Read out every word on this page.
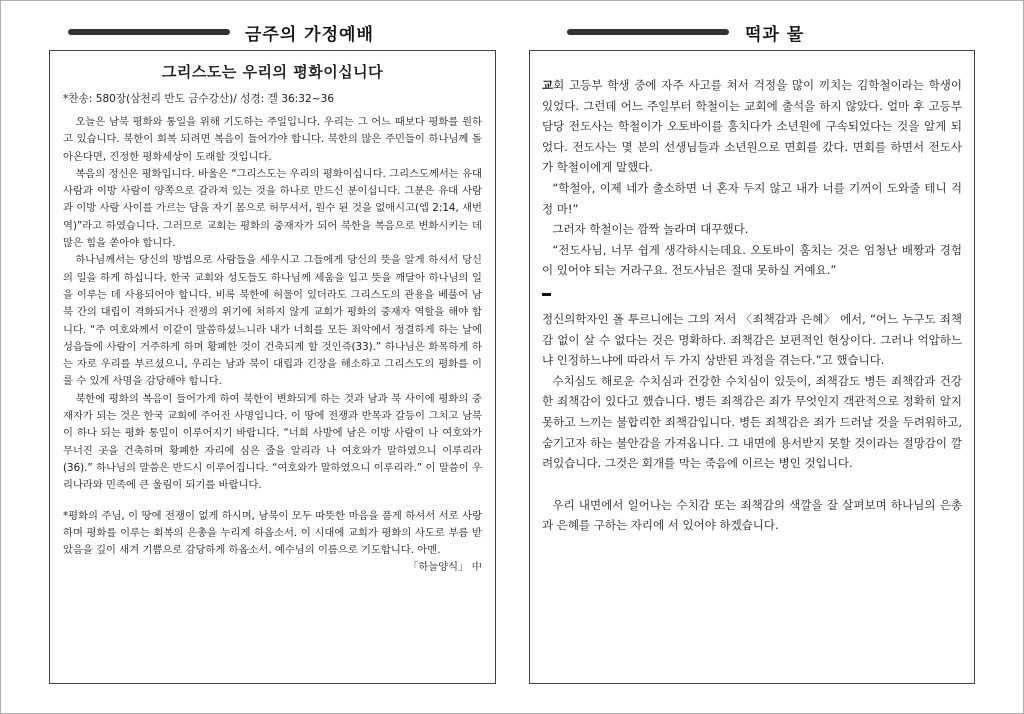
금주의 가정예배	떡과 물
그리스도는 우리의 평화이십니다
*찬송: 580장(삼천리 반도 금수강산)/ 성경: 겔 36:32~36

오늘은 남북 평화와 통일을 위해 기도하는 주일입니다. 우리는 그 어느 때보다 평화를 원하고 있습니다. 북한이 회복 되려면 복음이 들어가야 합니다. 북한의 많은 주민들이 하나님께 돌아온다면, 진정한 평화세상이 도래할 것입니다.

복음의 정신은 평화입니다. 바울은 “그리스도는 우리의 평화이십니다. 그리스도께서는 유대 사람과 이방 사람이 양쪽으로 갈라져 있는 것을 하나로 만드신 분이십니다. 그분은 유대 사람과 이방 사람 사이를 가르는 담을 자기 몸으로 허무셔서, 원수 된 것을 없애시고(엡 2:14, 새번역)”라고 하였습니다. 그러므로 교회는 평화의 중재자가 되어 북한을 복음으로 변화시키는 데 많은 힘을 쏟아야 합니다.

하나님께서는 당신의 방법으로 사람들을 세우시고 그들에게 당신의 뜻을 알게 하셔서 당신의 일을 하게 하십니다. 한국 교회와 성도들도 하나님께 세움을 입고 뜻을 깨달아 하나님의 일을 이루는 데 사용되어야 합니다. 비록 북한에 허물이 있더라도 그리스도의 관용을 베풀어 남북 간의 대립이 격화되거나 전쟁의 위기에 처하지 않게 교회가 평화의 중재자 역할을 해야 합니다. “주 여호와께서 이같이 말씀하셨느니라 내가 너희를 모든 죄악에서 정결하게 하는 날에 성읍들에 사람이 거주하게 하며 황폐한 것이 건축되게 할 것인즉(33).” 하나님은 화목하게 하는 자로 우리를 부르셨으니, 우리는 남과 북이 대립과 긴장을 해소하고 그리스도의 평화를 이룰 수 있게 사명을 감당해야 합니다.

북한에 평화의 복음이 들어가게 하여 북한이 변화되게 하는 것과 남과 북 사이에 평화의 중재자가 되는 것은 한국 교회에 주어진 사명입니다. 이 땅에 전쟁과 반목과 갈등이 그치고 남북이 하나 되는 평화 통일이 이루어지기 바랍니다. “너희 사방에 남은 이방 사람이 나 여호와가 무너진 곳을 건축하며 황폐한 자리에 심은 줄을 알리라 나 여호와가 말하였으니 이루리라(36).” 하나님의 말씀은 반드시 이루어집니다. “여호와가 말하였으니 이루리라.” 이 말씀이 우리나라와 민족에 큰 울림이 되기를 바랍니다.

*평화의 주님, 이 땅에 전쟁이 없게 하시며, 남북이 모두 따뜻한 마음을 품게 하셔서 서로 사랑하며 평화를 이루는 회복의 은총을 누리게 하옵소서. 이 시대에 교회가 평화의 사도로 부름 받았음을 깊이 새겨 기쁨으로 감당하게 하옵소서. 예수님의 이름으로 기도합니다. 아멘.
「하늘양식」 中

교회 고등부 학생 중에 자주 사고를 쳐서 걱정을 많이 끼치는 김학철이라는 학생이 있었다. 그런데 어느 주일부터 학철이는 교회에 출석을 하지 않았다. 얼마 후 고등부 담당 전도사는 학철이가 오토바이를 훔치다가 소년원에 구속되었다는 것을 알게 되었다. 전도사는 몇 분의 선생님들과 소년원으로 면회를 갔다. 면회를 하면서 전도사가 학철이에게 말했다.

“학철아, 이제 네가 출소하면 너 혼자 두지 않고 내가 너를 기꺼이 도와줄 테니 걱정 마!”

그러자 학철이는 깜짝 놀라며 대꾸했다.

“전도사님, 너무 쉽게 생각하시는데요. 오토바이 훔치는 것은 엄청난 배짱과 경험이 있어야 되는 거라구요. 전도사님은 절대 못하실 거예요.”

정신의학자인 폴 투르니에는 그의 저서 〈죄책감과 은혜〉 에서, “어느 누구도 죄책감 없이 살 수 없다는 것은 명확하다. 죄책감은 보편적인 현상이다. 그러나 억압하느냐 인정하느냐에 따라서 두 가지 상반된 과정을 겪는다.”고 했습니다.

수치심도 해로운 수치심과 건강한 수치심이 있듯이, 죄책감도 병든 죄책감과 건강한 죄책감이 있다고 했습니다. 병든 죄책감은 죄가 무엇인지 객관적으로 정확히 알지 못하고 느끼는 불합리한 죄책감입니다. 병든 죄책감은 죄가 드러날 것을 두려워하고, 숨기고자 하는 불안감을 가져옵니다. 그 내면에 용서받지 못할 것이라는 절망감이 깔려있습니다. 그것은 회개를 막는 죽음에 이르는 병인 것입니다.

우리 내면에서 일어나는 수치감 또는 죄책감의 색깔을 잘 살펴보며 하나님의 은총과 은혜를 구하는 자리에 서 있어야 하겠습니다.
